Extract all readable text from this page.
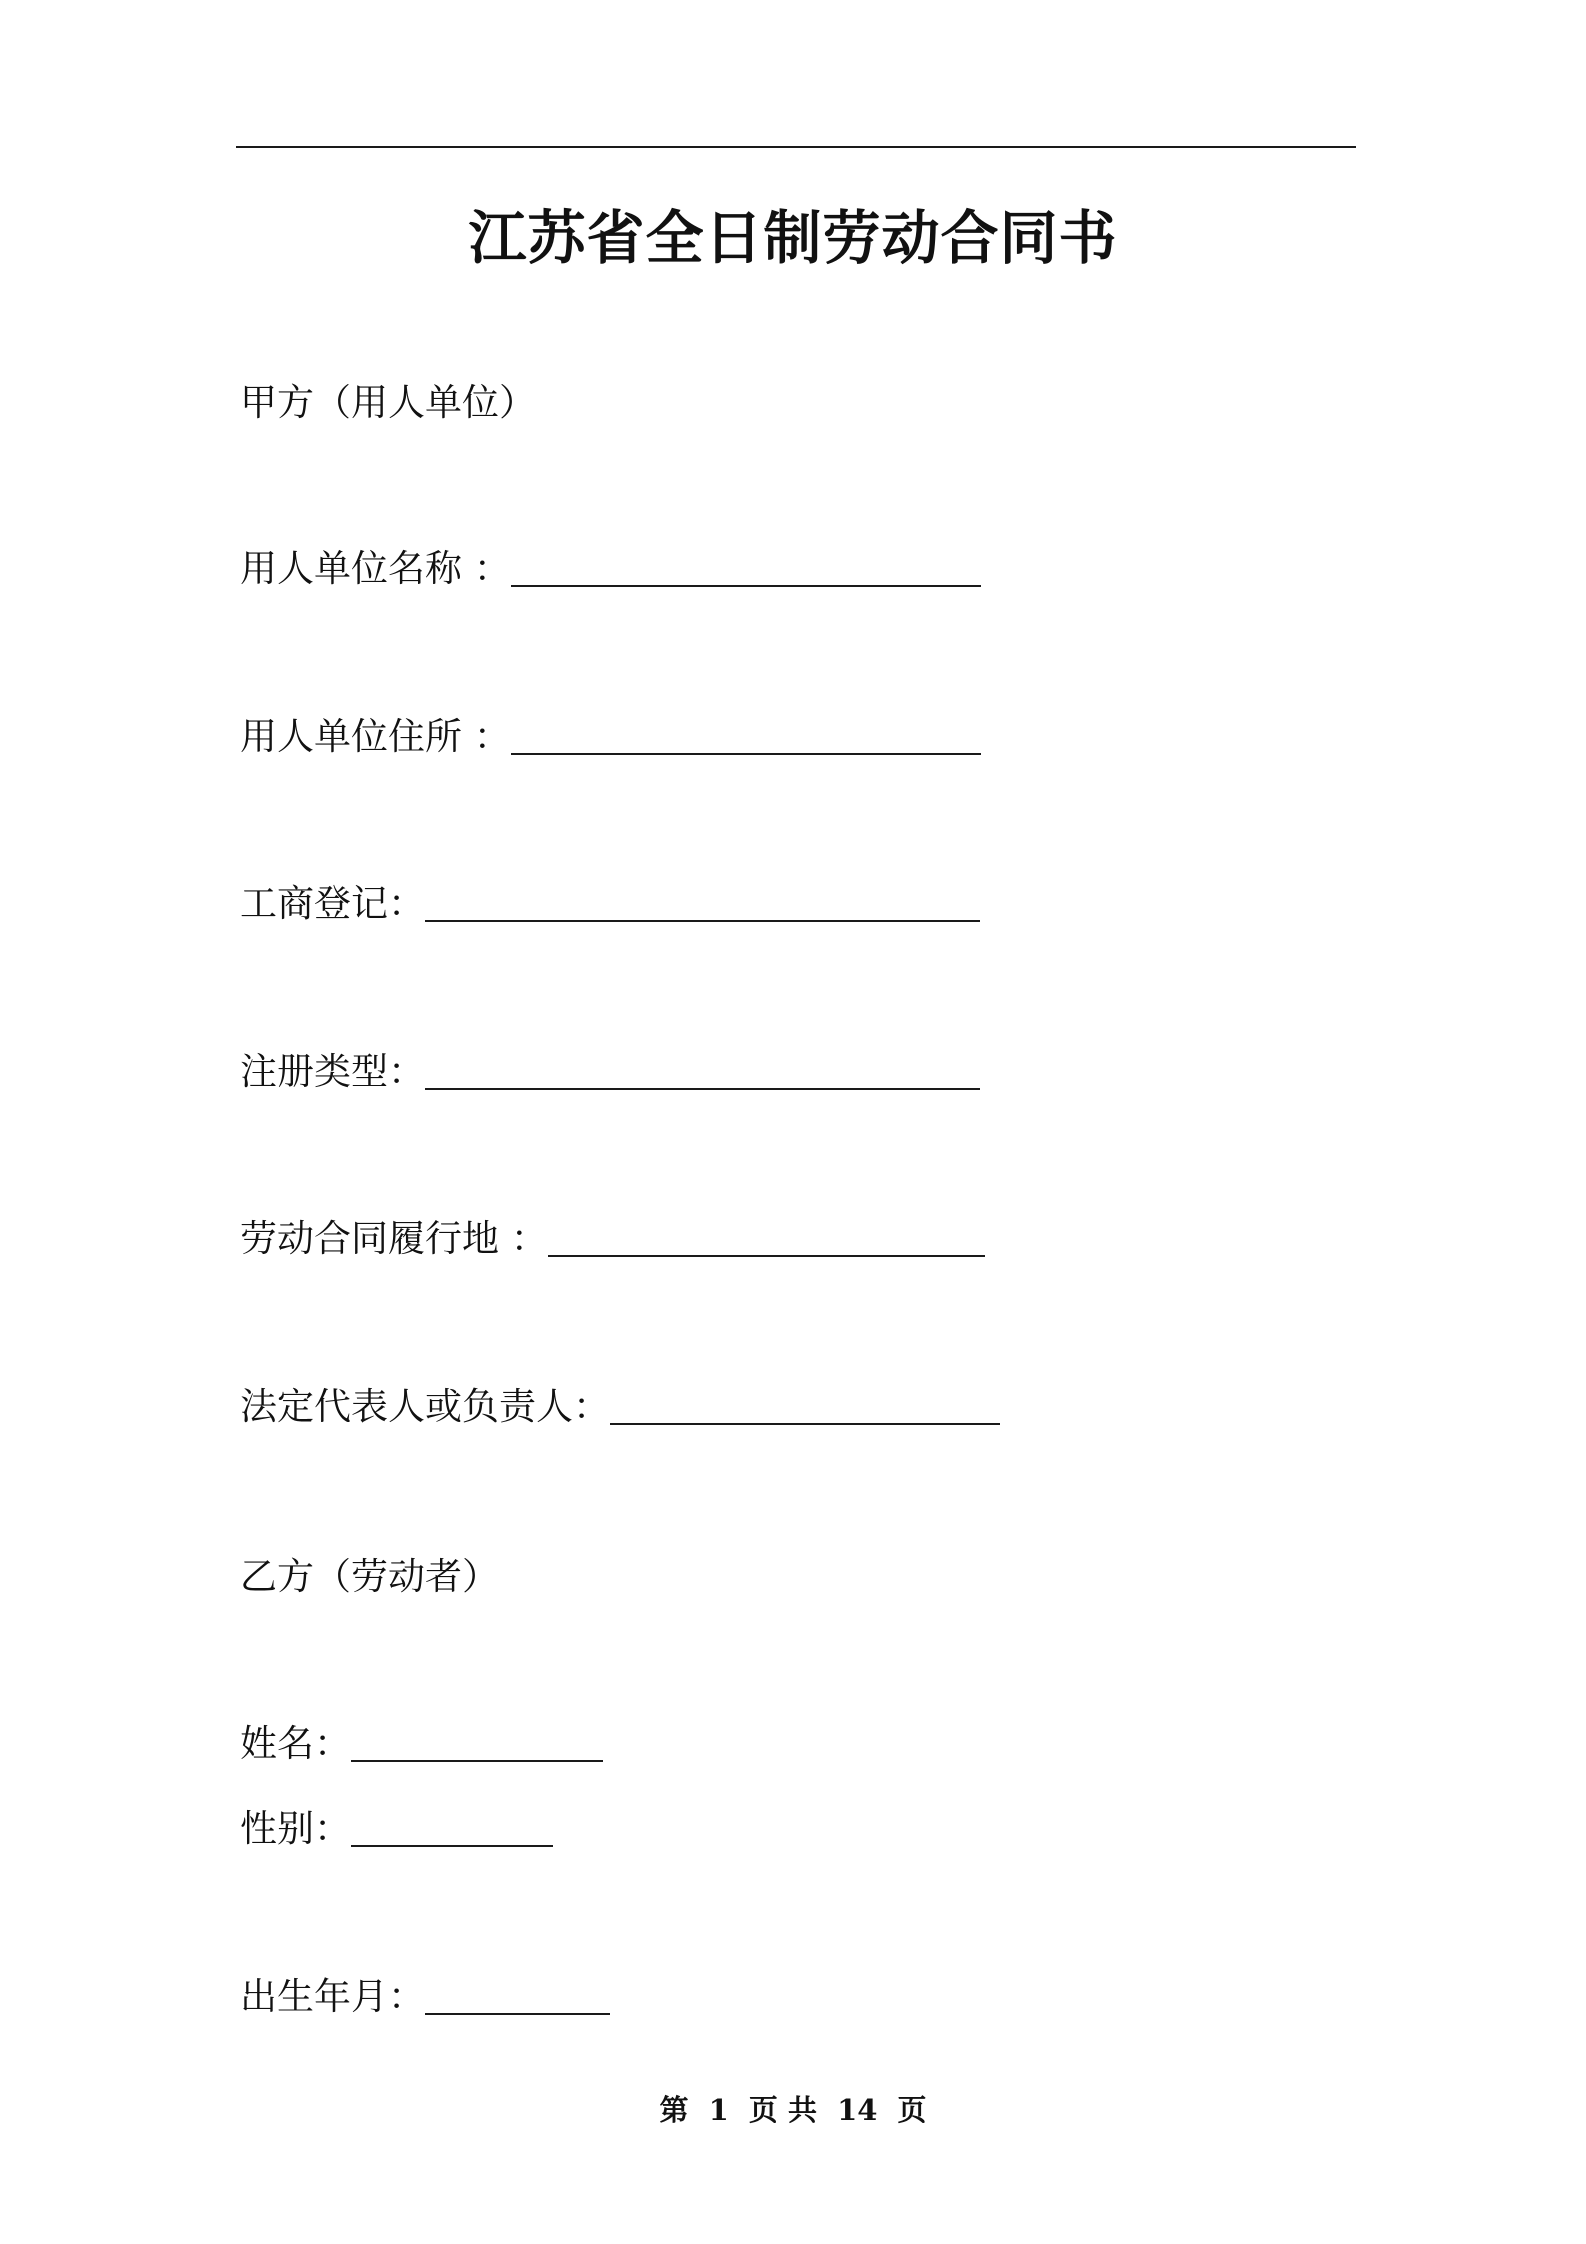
江苏省全日制劳动合同书
甲方（用人单位）
用人单位名称 ：
用人单位住所 ：
工商登记：
注册类型：
劳动合同履行地 ：
法定代表人或负责人：
乙方（劳动者）
姓名：
性别：
出生年月：
第 1 页 共 14 页
